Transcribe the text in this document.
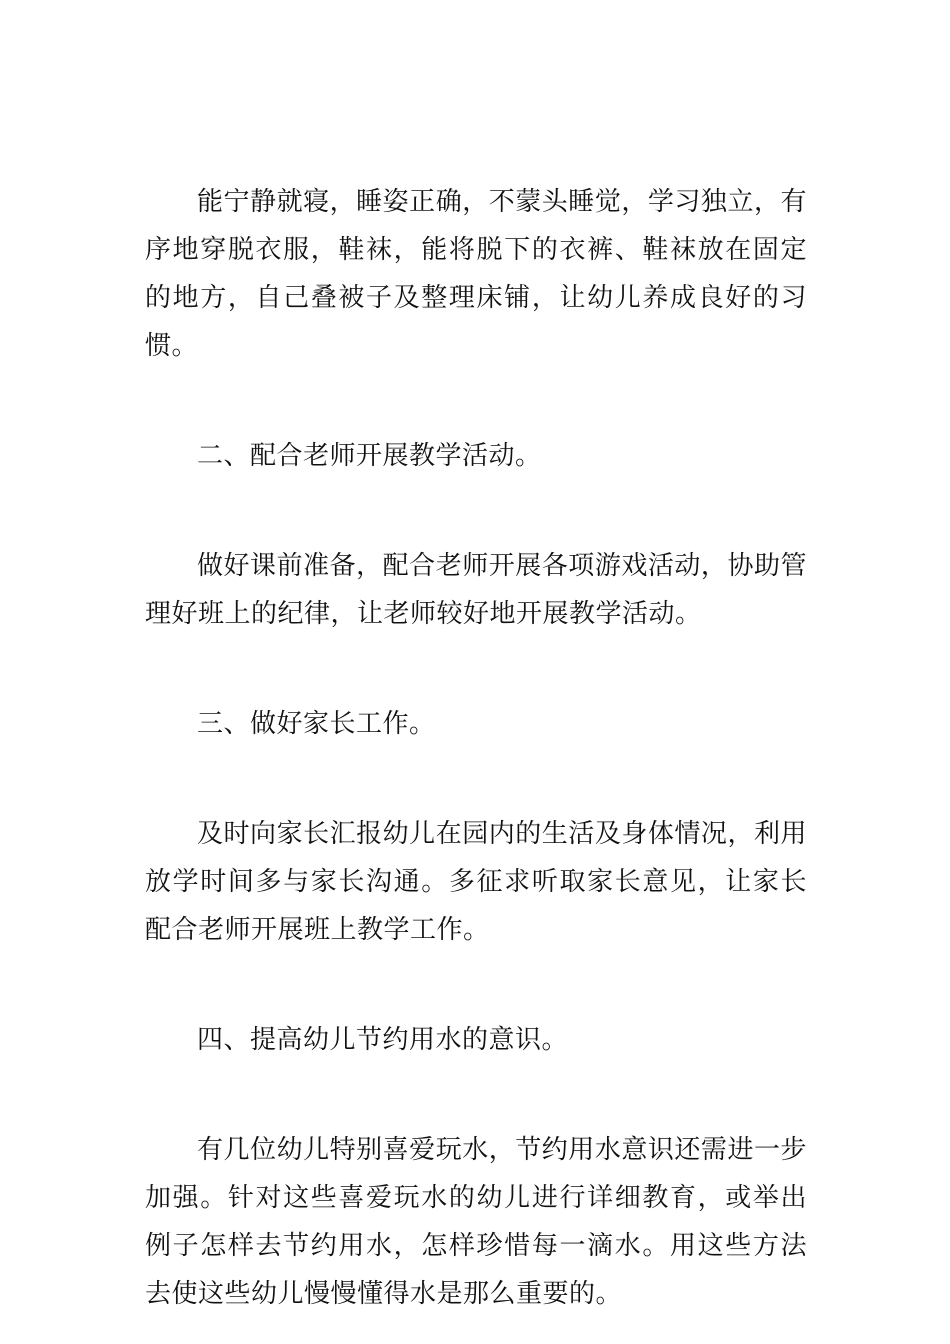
能宁静就寝，睡姿正确，不蒙头睡觉，学习独立，有序地穿脱衣服，鞋袜，能将脱下的衣裤、鞋袜放在固定的地方，自己叠被子及整理床铺，让幼儿养成良好的习惯。

二、配合老师开展教学活动。

做好课前准备，配合老师开展各项游戏活动，协助管理好班上的纪律，让老师较好地开展教学活动。

三、做好家长工作。

及时向家长汇报幼儿在园内的生活及身体情况，利用放学时间多与家长沟通。多征求听取家长意见，让家长配合老师开展班上教学工作。

四、提高幼儿节约用水的意识。

有几位幼儿特别喜爱玩水，节约用水意识还需进一步加强。针对这些喜爱玩水的幼儿进行详细教育，或举出例子怎样去节约用水，怎样珍惜每一滴水。用这些方法去使这些幼儿慢慢懂得水是那么重要的。
